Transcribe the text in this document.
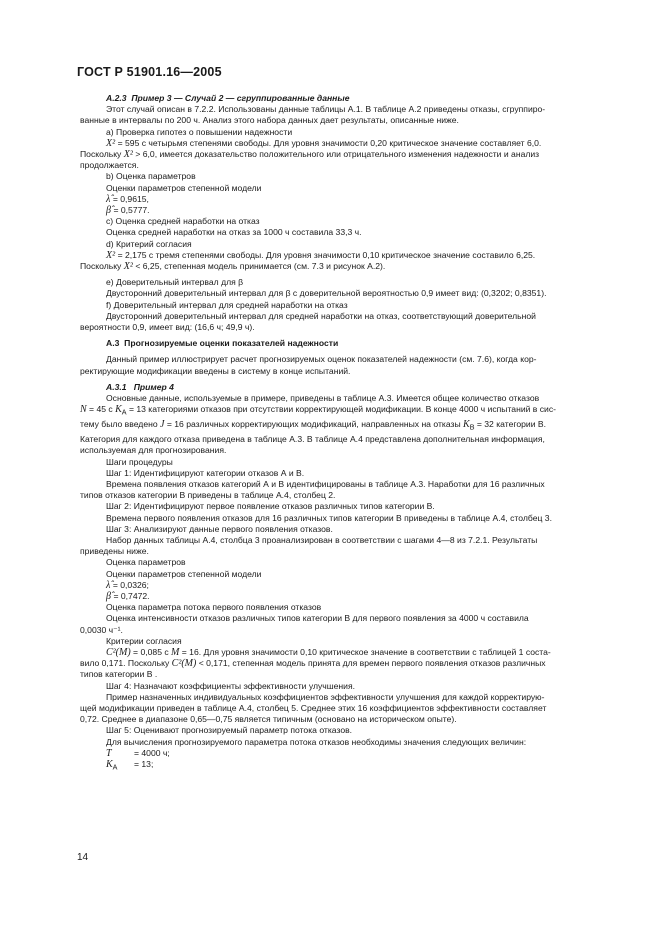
ГОСТ Р 51901.16—2005

A.2.3 Пример 3 — Случай 2 — сгруппированные данные

Этот случай описан в 7.2.2. Использованы данные таблицы А.1. В таблице А.2 приведены отказы, сгруппиро-

ванные в интервалы по 200 ч. Анализ этого набора данных дает результаты, описанные ниже.

а) Проверка гипотез о повышении надежности

X² = 595 с четырьмя степенями свободы. Для уровня значимости 0,20 критическое значение составляет 6,0.

Поскольку X² > 6,0, имеется доказательство положительного или отрицательного изменения надежности и анализ

продолжается.

b) Оценка параметров

Оценки параметров степенной модели

λ̂ = 0,9615,

β̂ = 0,5777.

с) Оценка средней наработки на отказ

Оценка средней наработки на отказ за 1000 ч составила 33,3 ч.

d) Критерий согласия

X² = 2,175 с тремя степенями свободы. Для уровня значимости 0,10 критическое значение составило 6,25.

Поскольку X² < 6,25, степенная модель принимается (см. 7.3 и рисунок А.2).

е) Доверительный интервал для β

Двусторонний доверительный интервал для β с доверительной вероятностью 0,9 имеет вид: (0,3202; 0,8351).

f) Доверительный интервал для средней наработки на отказ

Двусторонний доверительный интервал для средней наработки на отказ, соответствующий доверительной

вероятности 0,9, имеет вид: (16,6 ч; 49,9 ч).

А.3 Прогнозируемые оценки показателей надежности

Данный пример иллюстрирует расчет прогнозируемых оценок показателей надежности (см. 7.6), когда кор-

ректирующие модификации введены в систему в конце испытаний.

А.3.1 Пример 4

Основные данные, используемые в примере, приведены в таблице А.3. Имеется общее количество отказов

N = 45 с $K_A = 13$ категориями отказов при отсутствии корректирующей модификации. В конце 4000 ч испытаний в сис-

тему было введено J = 16 различных корректирующих модификаций, направленных на отказы $K_B = 32$ категории В.

Категория для каждого отказа приведена в таблице А.3. В таблице А.4 представлена дополнительная информация,

используемая для прогнозирования.

Шаги процедуры

Шаг 1: Идентифицируют категории отказов А и В.

Времена появления отказов категорий А и В идентифицированы в таблице А.3. Наработки для 16 различных

типов отказов категории В приведены в таблице А.4, столбец 2.

Шаг 2: Идентифицируют первое появление отказов различных типов категории В.

Времена первого появления отказов для 16 различных типов категории В приведены в таблице А.4, столбец 3.

Шаг 3: Анализируют данные первого появления отказов.

Набор данных таблицы А.4, столбца 3 проанализирован в соответствии с шагами 4—8 из 7.2.1. Результаты

приведены ниже.

Оценка параметров

Оценки параметров степенной модели

λ̂ = 0,0326;

β̂ = 0,7472.

Оценка параметра потока первого появления отказов

Оценка интенсивности отказов различных типов категории В для первого появления за 4000 ч составила

0,0030 ч⁻¹.

Критерии согласия

C²(M) = 0,085 с M = 16. Для уровня значимости 0,10 критическое значение в соответствии с таблицей 1 соста-

вило 0,171. Поскольку C²(M) < 0,171, степенная модель принята для времен первого появления отказов различных

типов категории В .

Шаг 4: Назначают коэффициенты эффективности улучшения.

Пример назначенных индивидуальных коэффициентов эффективности улучшения для каждой корректирую-

щей модификации приведен в таблице А.4, столбец 5. Среднее этих 16 коэффициентов эффективности составляет

0,72. Среднее в диапазоне 0,65—0,75 является типичным (основано на историческом опыте).

Шаг 5: Оценивают прогнозируемый параметр потока отказов.

Для вычисления прогнозируемого параметра потока отказов необходимы значения следующих величин:

T	= 4000 ч;

$K_A = 13$;

14
